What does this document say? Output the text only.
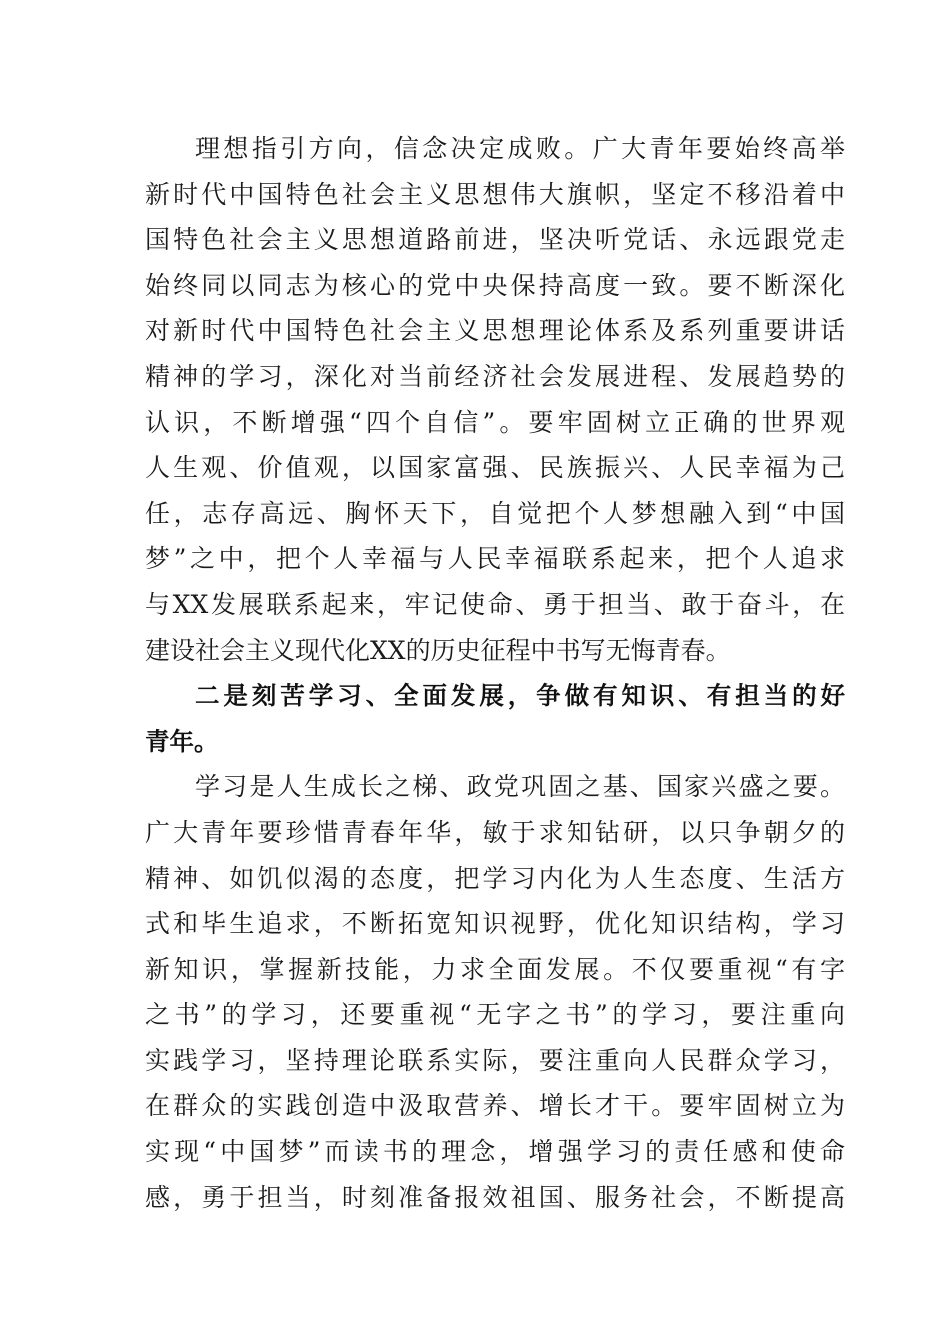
理想指引方向，信念决定成败。广大青年要始终高举
新时代中国特色社会主义思想伟大旗帜，坚定不移沿着中
国特色社会主义思想道路前进，坚决听党话、永远跟党走
始终同以同志为核心的党中央保持高度一致。要不断深化
对新时代中国特色社会主义思想理论体系及系列重要讲话
精神的学习，深化对当前经济社会发展进程、发展趋势的
认识，不断增强“四个自信”。要牢固树立正确的世界观
人生观、价值观，以国家富强、民族振兴、人民幸福为己
任，志存高远、胸怀天下，自觉把个人梦想融入到“中国
梦”之中，把个人幸福与人民幸福联系起来，把个人追求
与XX发展联系起来，牢记使命、勇于担当、敢于奋斗，在
建设社会主义现代化XX的历史征程中书写无悔青春。
二是刻苦学习、全面发展，争做有知识、有担当的好
青年。
学习是人生成长之梯、政党巩固之基、国家兴盛之要。
广大青年要珍惜青春年华，敏于求知钻研，以只争朝夕的
精神、如饥似渴的态度，把学习内化为人生态度、生活方
式和毕生追求，不断拓宽知识视野，优化知识结构，学习
新知识，掌握新技能，力求全面发展。不仅要重视“有字
之书”的学习，还要重视“无字之书”的学习，要注重向
实践学习，坚持理论联系实际，要注重向人民群众学习，
在群众的实践创造中汲取营养、增长才干。要牢固树立为
实现“中国梦”而读书的理念，增强学习的责任感和使命
感，勇于担当，时刻准备报效祖国、服务社会，不断提高
